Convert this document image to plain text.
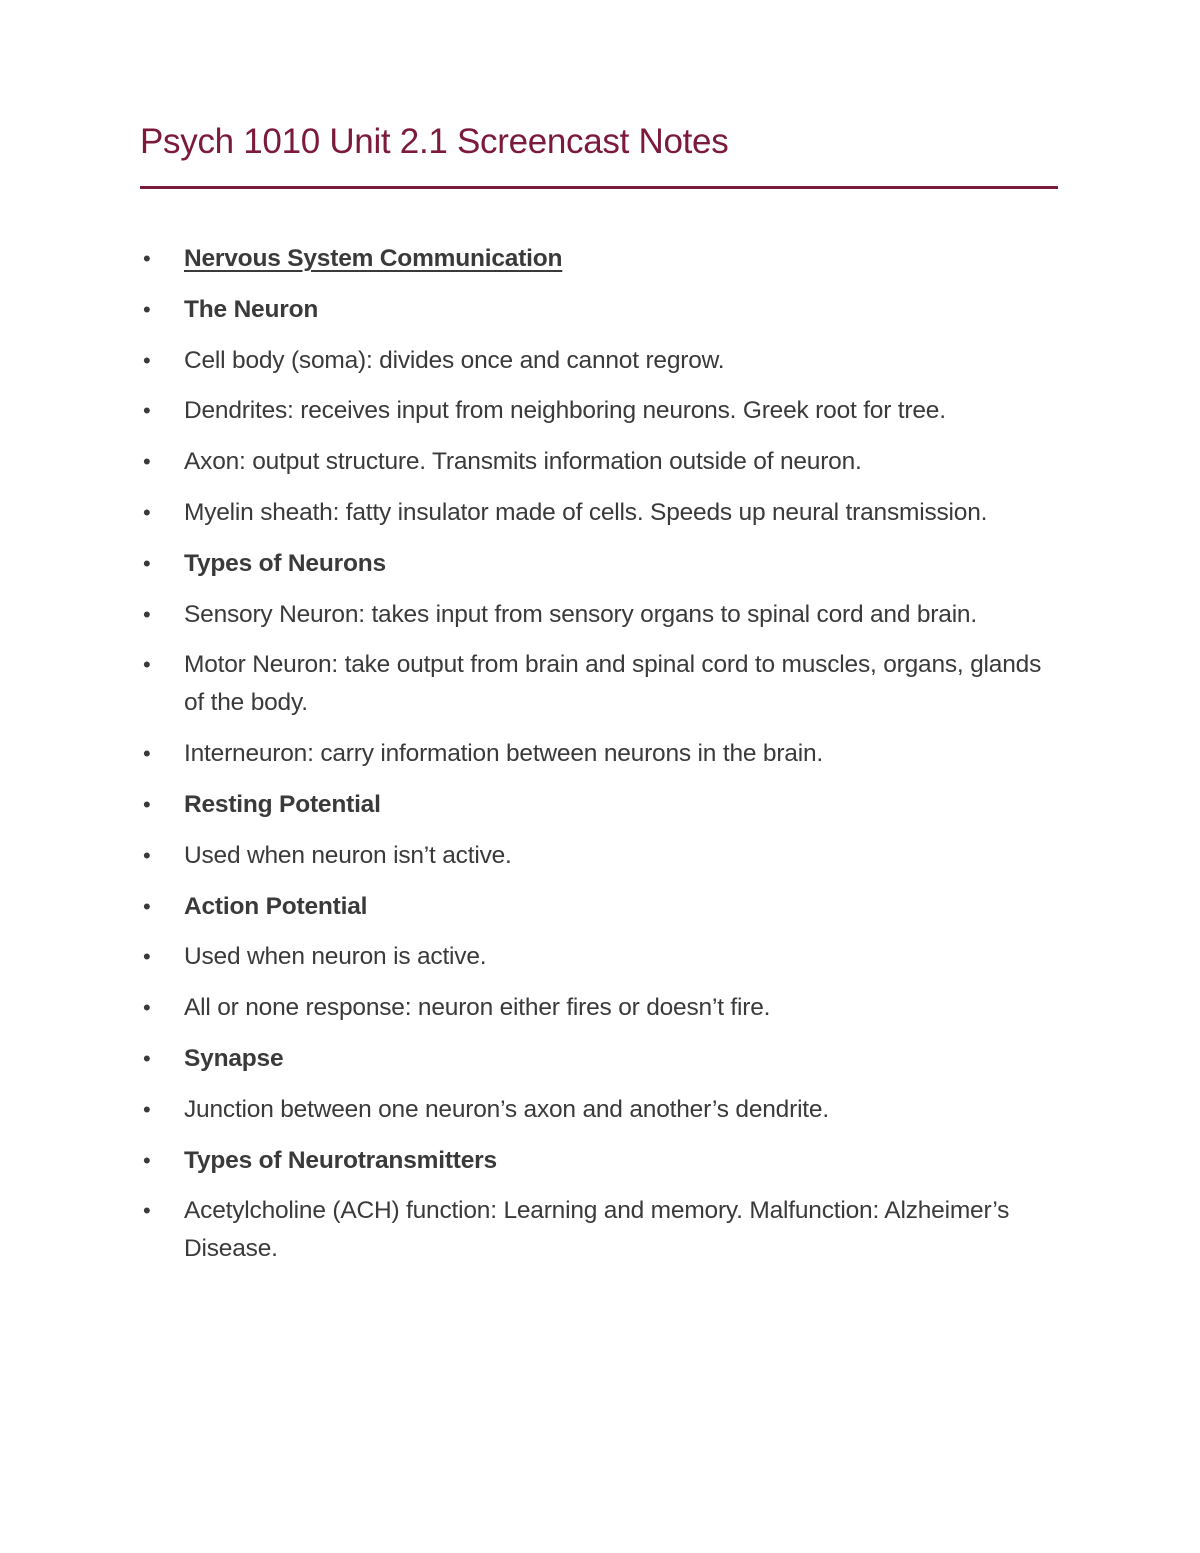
Psych 1010 Unit 2.1 Screencast Notes
• Nervous System Communication
• The Neuron
• Cell body (soma): divides once and cannot regrow.
• Dendrites: receives input from neighboring neurons. Greek root for tree.
• Axon: output structure. Transmits information outside of neuron.
• Myelin sheath: fatty insulator made of cells. Speeds up neural transmission.
• Types of Neurons
• Sensory Neuron: takes input from sensory organs to spinal cord and brain.
• Motor Neuron: take output from brain and spinal cord to muscles, organs, glands of the body.
• Interneuron: carry information between neurons in the brain.
• Resting Potential
• Used when neuron isn’t active.
• Action Potential
• Used when neuron is active.
• All or none response: neuron either fires or doesn’t fire.
• Synapse
• Junction between one neuron’s axon and another’s dendrite.
• Types of Neurotransmitters
• Acetylcholine (ACH) function: Learning and memory. Malfunction: Alzheimer’s Disease.
